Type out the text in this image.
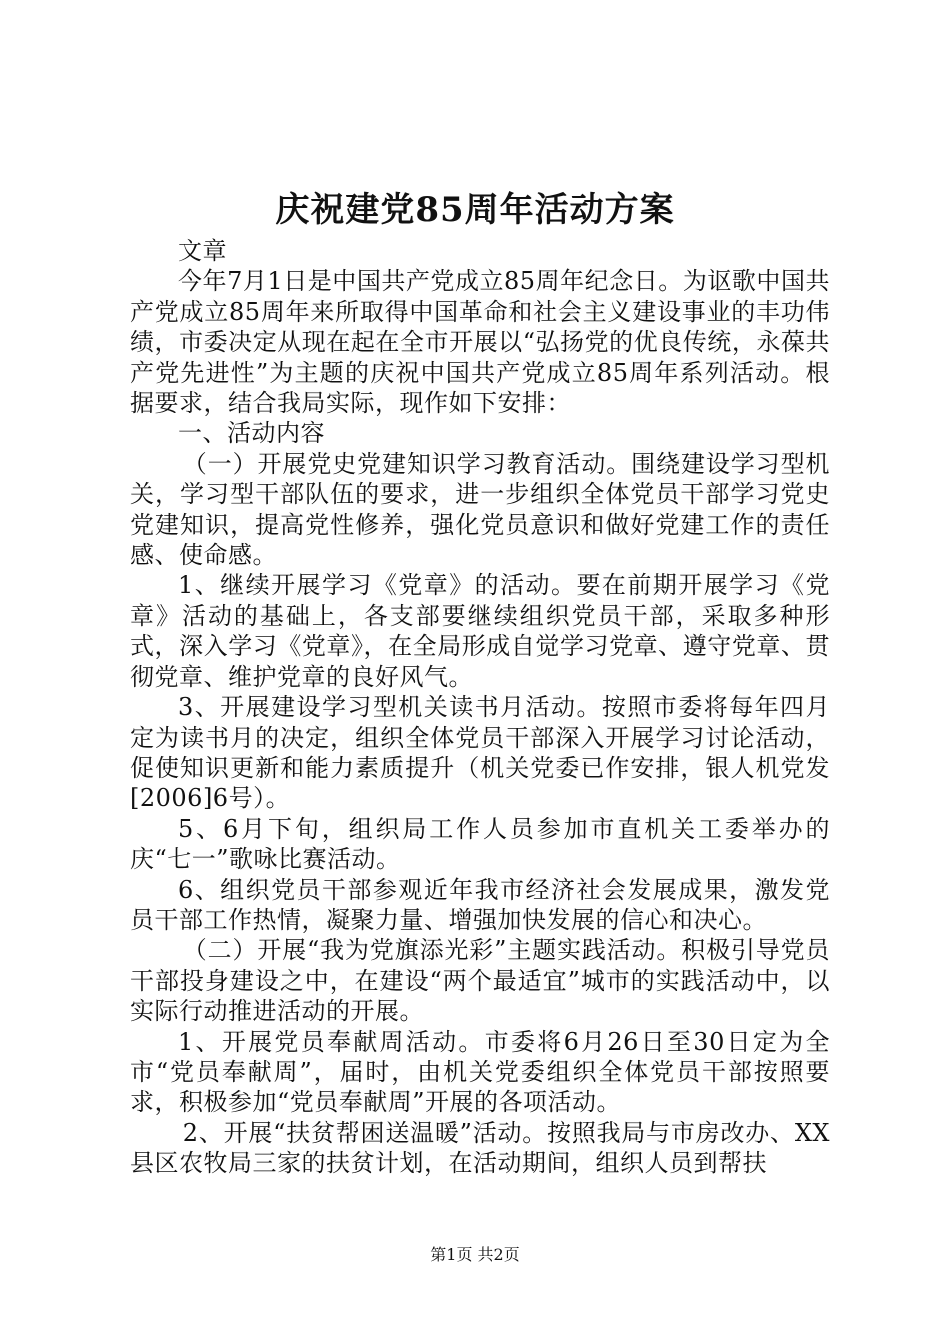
庆祝建党85周年活动方案

文章

今年7月1日是中国共产党成立85周年纪念日。为讴歌中国共产党成立85周年来所取得中国革命和社会主义建设事业的丰功伟绩，市委决定从现在起在全市开展以“弘扬党的优良传统，永葆共产党先进性”为主题的庆祝中国共产党成立85周年系列活动。根据要求，结合我局实际，现作如下安排：

一、活动内容

（一）开展党史党建知识学习教育活动。围绕建设学习型机关，学习型干部队伍的要求，进一步组织全体党员干部学习党史党建知识，提高党性修养，强化党员意识和做好党建工作的责任感、使命感。

1、继续开展学习《党章》的活动。要在前期开展学习《党章》活动的基础上，各支部要继续组织党员干部，采取多种形式，深入学习《党章》，在全局形成自觉学习党章、遵守党章、贯彻党章、维护党章的良好风气。

3、开展建设学习型机关读书月活动。按照市委将每年四月定为读书月的决定，组织全体党员干部深入开展学习讨论活动，促使知识更新和能力素质提升（机关党委已作安排，银人机党发[2006]6号）。

5、6月下旬，组织局工作人员参加市直机关工委举办的庆“七一”歌咏比赛活动。

6、组织党员干部参观近年我市经济社会发展成果，激发党员干部工作热情，凝聚力量、增强加快发展的信心和决心。

（二）开展“我为党旗添光彩”主题实践活动。积极引导党员干部投身建设之中，在建设“两个最适宜”城市的实践活动中，以实际行动推进活动的开展。

1、开展党员奉献周活动。市委将6月26日至30日定为全市“党员奉献周”，届时，由机关党委组织全体党员干部按照要求，积极参加“党员奉献周”开展的各项活动。

2、开展“扶贫帮困送温暖”活动。按照我局与市房改办、XX县区农牧局三家的扶贫计划，在活动期间，组织人员到帮扶

第1页 共2页
